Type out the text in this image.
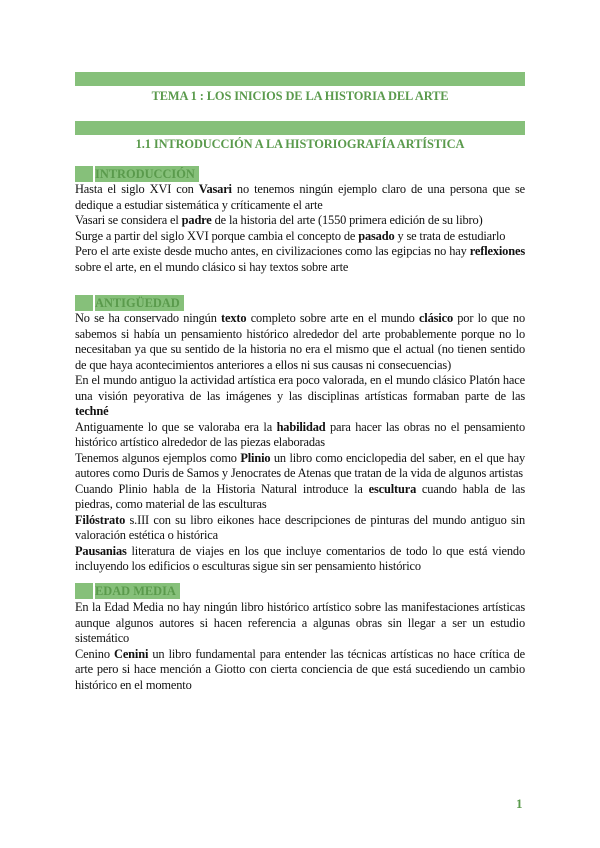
TEMA 1 : LOS INICIOS DE LA HISTORIA DEL ARTE
1.1 INTRODUCCIÓN A LA HISTORIOGRAFÍA ARTÍSTICA
INTRODUCCIÓN
Hasta el siglo XVI con Vasari no tenemos ningún ejemplo claro de una persona que se
dedique a estudiar sistemática y críticamente el arte
Vasari se considera el padre de la historia del arte (1550 primera edición de su libro)
Surge a partir del siglo XVI porque cambia el concepto de pasado y se trata de estudiarlo
Pero el arte existe desde mucho antes, en civilizaciones como las egipcias no hay reflexiones
sobre el arte, en el mundo clásico si hay textos sobre arte
ANTIGÜEDAD
No se ha conservado ningún texto completo sobre arte en el mundo clásico por lo que no
sabemos si había un pensamiento histórico alrededor del arte probablemente porque no lo
necesitaban ya que su sentido de la historia no era el mismo que el actual (no tienen sentido
de que haya acontecimientos anteriores a ellos ni sus causas ni consecuencias)
En el mundo antiguo la actividad artística era poco valorada, en el mundo clásico Platón hace
una visión peyorativa de las imágenes y las disciplinas artísticas formaban parte de las techné
Antiguamente lo que se valoraba era la habilidad para hacer las obras no el pensamiento
histórico artístico alrededor de las piezas elaboradas
Tenemos algunos ejemplos como Plinio un libro como enciclopedia del saber, en el que hay
autores como Duris de Samos y Jenocrates de Atenas que tratan de la vida de algunos artistas
Cuando Plinio habla de la Historia Natural introduce la escultura cuando habla de las
piedras, como material de las esculturas
Filóstrato s.III con su libro eikones hace descripciones de pinturas del mundo antiguo sin
valoración estética o histórica
Pausanias literatura de viajes en los que incluye comentarios de todo lo que está viendo
incluyendo los edificios o esculturas sigue sin ser pensamiento histórico
EDAD MEDIA
En la Edad Media no hay ningún libro histórico artístico sobre las manifestaciones artísticas
aunque algunos autores si hacen referencia a algunas obras sin llegar a ser un estudio
sistemático
Cenino Cenini un libro fundamental para entender las técnicas artísticas no hace crítica de
arte pero si hace mención a Giotto con cierta conciencia de que está sucediendo un cambio
histórico en el momento
1
